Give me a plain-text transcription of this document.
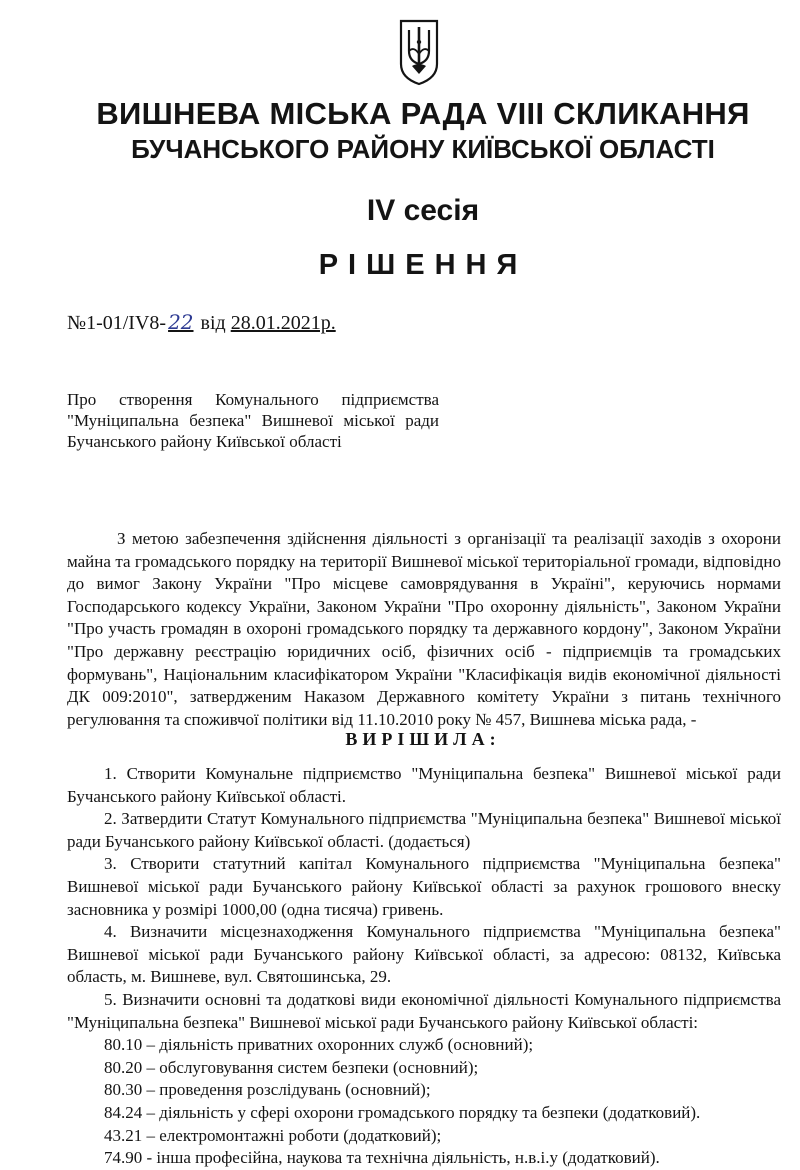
ВИШНЕВА МІСЬКА РАДА VIII СКЛИКАННЯ
БУЧАНСЬКОГО РАЙОНУ КИЇВСЬКОЇ ОБЛАСТІ
IV сесія
РІШЕННЯ
№1-01/IV8- 22 від 28.01.2021р.
Про створення Комунального підприємства "Муніципальна безпека" Вишневої міської ради Бучанського району Київської області

З метою забезпечення здійснення діяльності з організації та реалізації заходів з охорони майна та громадського порядку на території Вишневої міської територіальної громади, відповідно до вимог Закону України "Про місцеве самоврядування в Україні", керуючись нормами Господарського кодексу України, Законом України "Про охоронну діяльність", Законом України "Про участь громадян в охороні громадського порядку та державного кордону", Законом України "Про державну реєстрацію юридичних осіб, фізичних осіб - підприємців та громадських формувань", Національним класифікатором України "Класифікація видів економічної діяльності ДК 009:2010", затвердженим Наказом Державного комітету України з питань технічного регулювання та споживчої політики від 11.10.2010 року № 457, Вишнева міська рада, -

ВИРІШИЛА:

1. Створити Комунальне підприємство "Муніципальна безпека" Вишневої міської ради Бучанського району Київської області.

2. Затвердити Статут Комунального підприємства "Муніципальна безпека" Вишневої міської ради Бучанського району Київської області. (додається)

3. Створити статутний капітал Комунального підприємства "Муніципальна безпека" Вишневої міської ради Бучанського району Київської області за рахунок грошового внеску засновника у розмірі 1000,00 (одна тисяча) гривень.

4. Визначити місцезнаходження Комунального підприємства "Муніципальна безпека" Вишневої міської ради Бучанського району Київської області, за адресою: 08132, Київська область, м. Вишневе, вул. Святошинська, 29.

5. Визначити основні та додаткові види економічної діяльності Комунального підприємства "Муніципальна безпека" Вишневої міської ради Бучанського району Київської області:

80.10 – діяльність приватних охоронних служб (основний);
80.20 – обслуговування систем безпеки (основний);
80.30 – проведення розслідувань (основний);
84.24 – діяльність у сфері охорони громадського порядку та безпеки (додатковий).
43.21 – електромонтажні роботи (додатковий);
74.90 - інша професійна, наукова та технічна діяльність, н.в.і.у (додатковий).
